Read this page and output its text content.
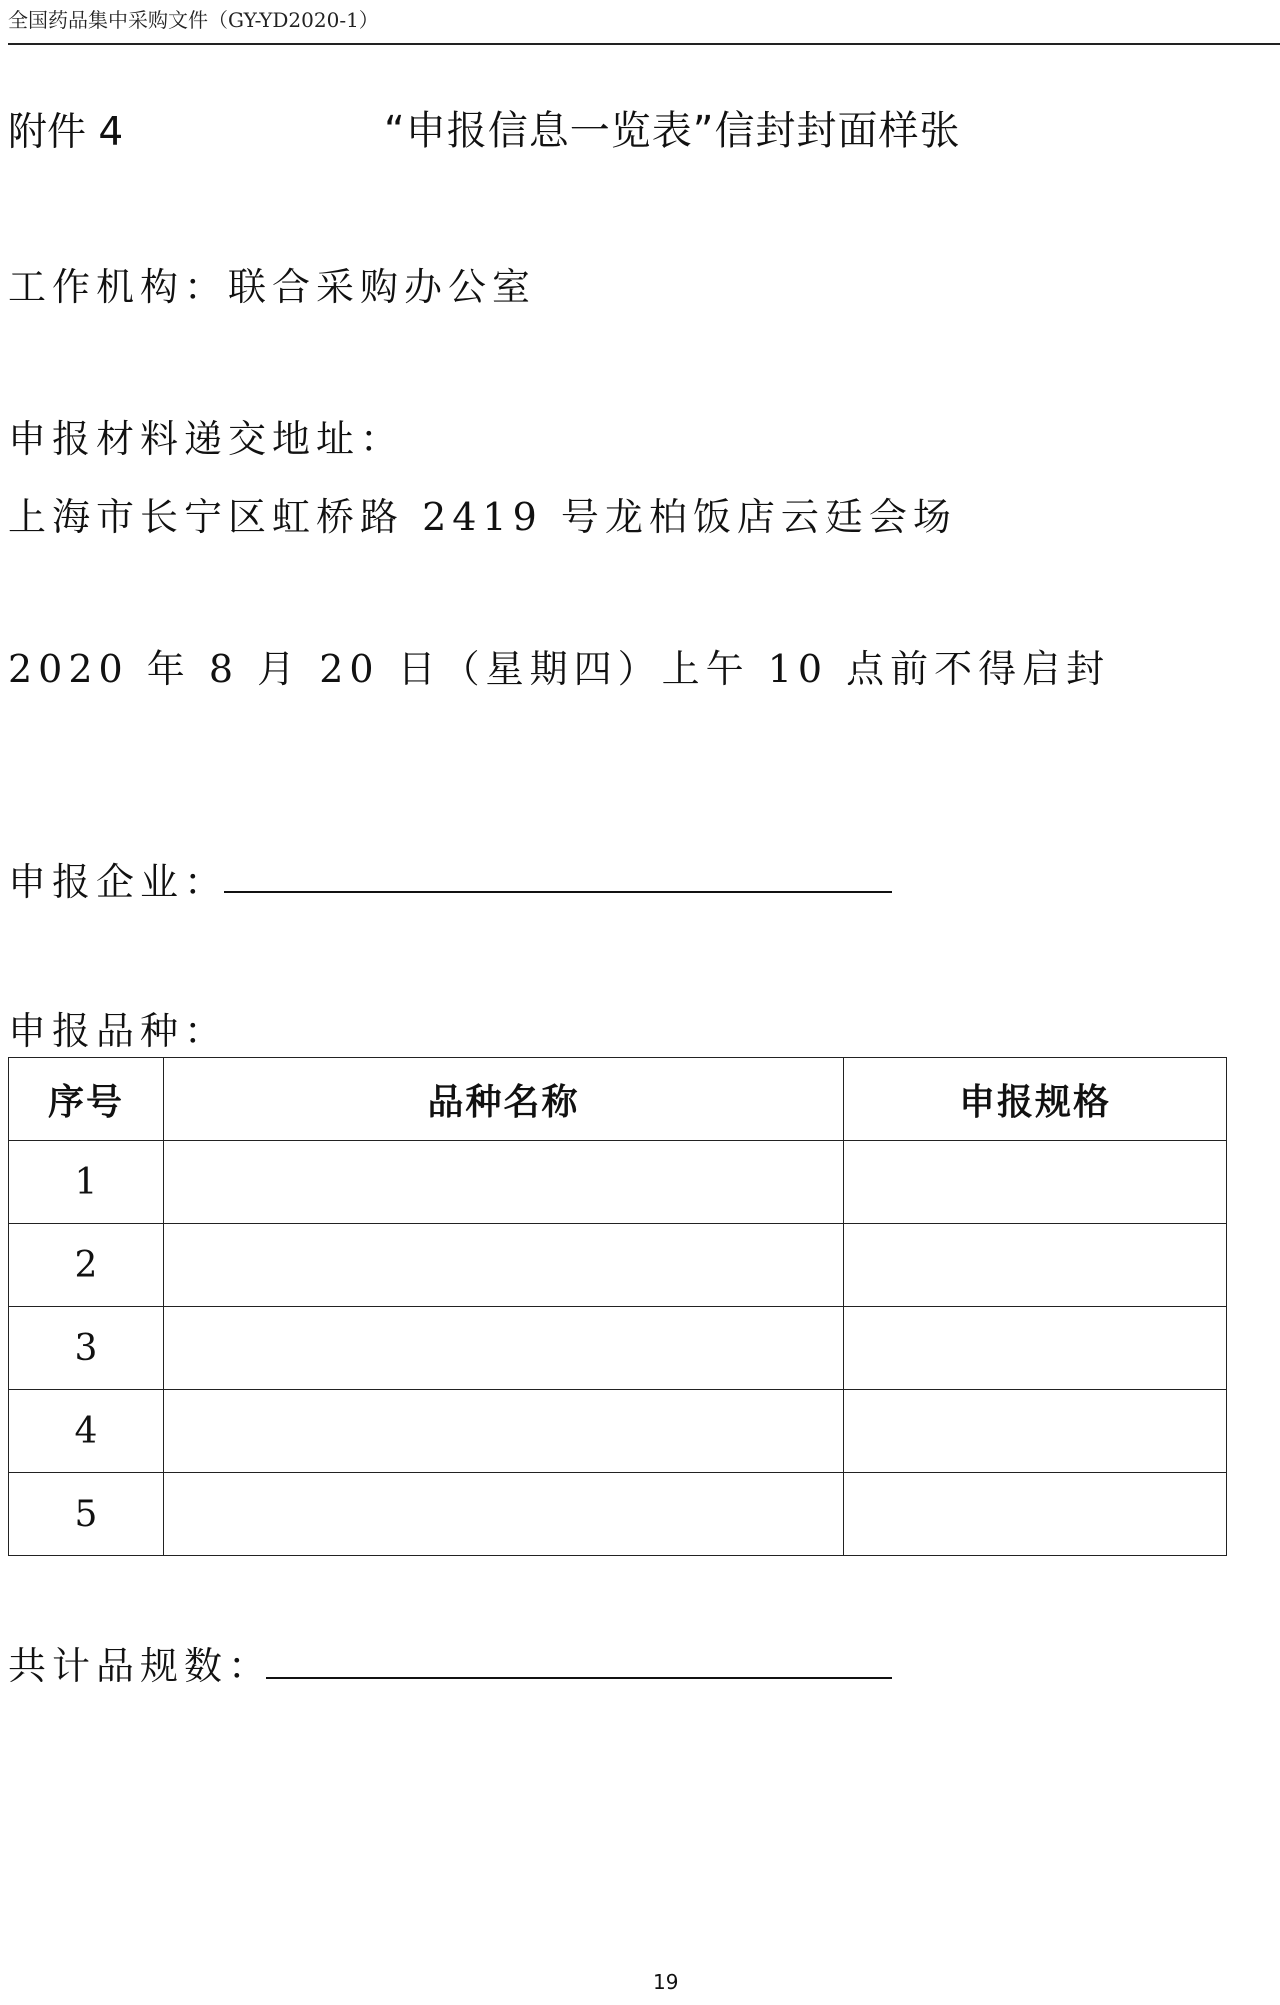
全国药品集中采购文件（GY-YD2020-1）
附件 4	“申报信息一览表”信封封面样张
工作机构：联合采购办公室
申报材料递交地址：
上海市长宁区虹桥路 2419 号龙柏饭店云廷会场
2020 年 8 月 20 日（星期四）上午 10 点前不得启封
申报企业：
申报品种：
序号	品种名称	申报规格
1		
2		
3		
4		
5		
共计品规数：
19
